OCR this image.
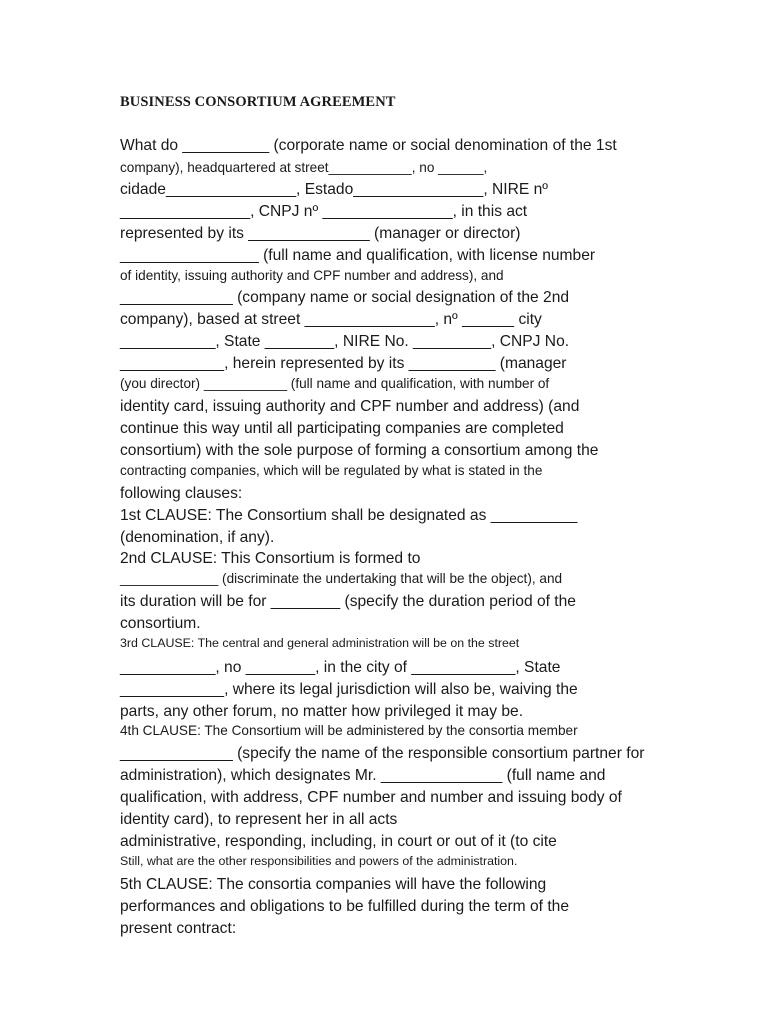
BUSINESS CONSORTIUM AGREEMENT
What do __________ (corporate name or social denomination of the 1st
company), headquartered at street___________, no ______,
cidade_______________, Estado_______________, NIRE nº
_______________, CNPJ nº _______________, in this act
represented by its ______________ (manager or director)
________________ (full name and qualification, with license number
of identity, issuing authority and CPF number and address), and
_____________ (company name or social designation of the 2nd
company), based at street _______________, nº ______ city
___________, State ________, NIRE No. _________, CNPJ No.
____________, herein represented by its __________ (manager
(you director) ___________ (full name and qualification, with number of
identity card, issuing authority and CPF number and address) (and
continue this way until all participating companies are completed
consortium) with the sole purpose of forming a consortium among the
contracting companies, which will be regulated by what is stated in the
following clauses:
1st CLAUSE: The Consortium shall be designated as __________
(denomination, if any).
2nd CLAUSE: This Consortium is formed to
_____________ (discriminate the undertaking that will be the object), and
its duration will be for ________ (specify the duration period of the
consortium.
3rd CLAUSE: The central and general administration will be on the street
___________, no ________, in the city of ____________, State
____________, where its legal jurisdiction will also be, waiving the
parts, any other forum, no matter how privileged it may be.
4th CLAUSE: The Consortium will be administered by the consortia member
_____________ (specify the name of the responsible consortium partner for
administration), which designates Mr. ______________ (full name and
qualification, with address, CPF number and number and issuing body of
identity card), to represent her in all acts
administrative, responding, including, in court or out of it (to cite
Still, what are the other responsibilities and powers of the administration.
5th CLAUSE: The consortia companies will have the following
performances and obligations to be fulfilled during the term of the
present contract:
